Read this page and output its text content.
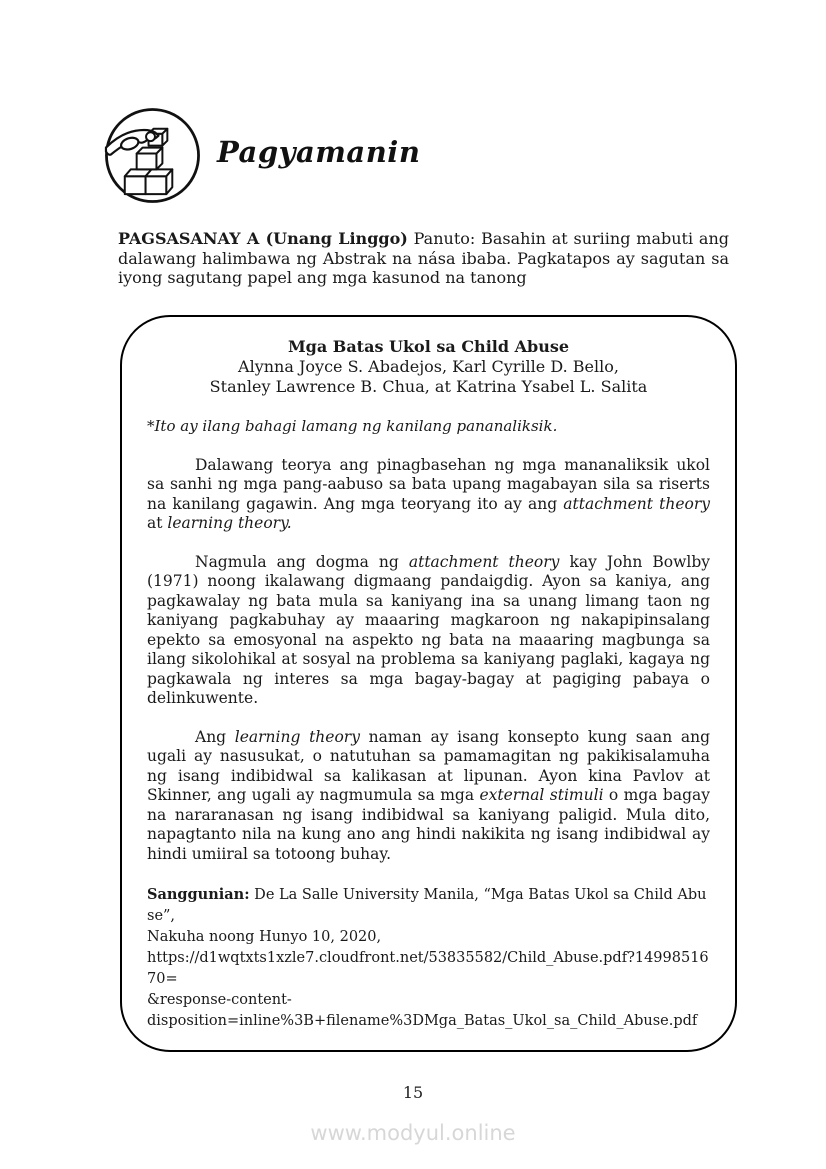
Pagyamanin

PAGSASANAY A (Unang Linggo) Panuto: Basahin at suriing mabuti ang dalawang halimbawa ng Abstrak na nása ibaba. Pagkatapos ay sagutan sa iyong sagutang papel ang mga kasunod na tanong

Mga Batas Ukol sa Child Abuse
Alynna Joyce S. Abadejos, Karl Cyrille D. Bello,
Stanley Lawrence B. Chua, at Katrina Ysabel L. Salita

*Ito ay ilang bahagi lamang ng kanilang pananaliksik.

Dalawang teorya ang pinagbasehan ng mga mananaliksik ukol sa sanhi ng mga pang-aabuso sa bata upang magabayan sila sa riserts na kanilang gagawin. Ang mga teoryang ito ay ang attachment theory at learning theory.

Nagmula ang dogma ng attachment theory kay John Bowlby (1971) noong ikalawang digmaang pandaigdig. Ayon sa kaniya, ang pagkawalay ng bata mula sa kaniyang ina sa unang limang taon ng kaniyang pagkabuhay ay maaaring magkaroon ng nakapipinsalang epekto sa emosyonal na aspekto ng bata na maaaring magbunga sa ilang sikolohikal at sosyal na problema sa kaniyang paglaki, kagaya ng pagkawala ng interes sa mga bagay-bagay at pagiging pabaya o delinkuwente.

Ang learning theory naman ay isang konsepto kung saan ang ugali ay nasusukat, o natutuhan sa pamamagitan ng pakikisalamuha ng isang indibidwal sa kalikasan at lipunan. Ayon kina Pavlov at Skinner, ang ugali ay nagmumula sa mga external stimuli o mga bagay na nararanasan ng isang indibidwal sa kaniyang paligid. Mula dito, napagtanto nila na kung ano ang hindi nakikita ng isang indibidwal ay hindi umiiral sa totoong buhay.

Sanggunian: De La Salle University Manila, “Mga Batas Ukol sa Child Abuse”,
Nakuha noong Hunyo 10, 2020,
https://d1wqtxts1xzle7.cloudfront.net/53835582/Child_Abuse.pdf?1499851670=
&response-content-
disposition=inline%3B+filename%3DMga_Batas_Ukol_sa_Child_Abuse.pdf
15
www.modyul.online
